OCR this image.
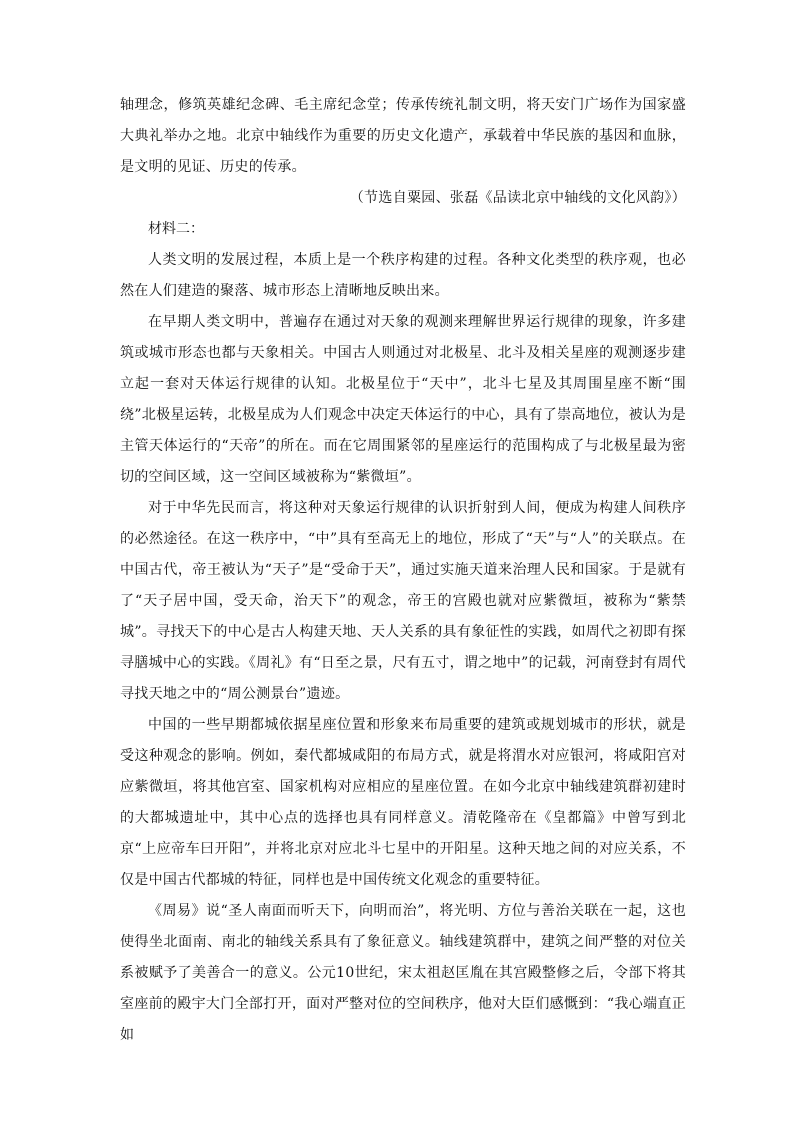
轴理念，修筑英雄纪念碑、毛主席纪念堂；传承传统礼制文明，将天安门广场作为国家盛大典礼举办之地。北京中轴线作为重要的历史文化遗产，承载着中华民族的基因和血脉，是文明的见证、历史的传承。

（节选自粟园、张磊《品读北京中轴线的文化风韵》）

材料二：

人类文明的发展过程，本质上是一个秩序构建的过程。各种文化类型的秩序观，也必然在人们建造的聚落、城市形态上清晰地反映出来。

在早期人类文明中，普遍存在通过对天象的观测来理解世界运行规律的现象，许多建筑或城市形态也都与天象相关。中国古人则通过对北极星、北斗及相关星座的观测逐步建立起一套对天体运行规律的认知。北极星位于“天中”，北斗七星及其周围星座不断“围绕”北极星运转，北极星成为人们观念中决定天体运行的中心，具有了崇高地位，被认为是主管天体运行的“天帝”的所在。而在它周围紧邻的星座运行的范围构成了与北极星最为密切的空间区域，这一空间区域被称为“紫微垣”。

对于中华先民而言，将这种对天象运行规律的认识折射到人间，便成为构建人间秩序的必然途径。在这一秩序中，“中”具有至高无上的地位，形成了“天”与“人”的关联点。在中国古代，帝王被认为“天子”是“受命于天”，通过实施天道来治理人民和国家。于是就有了“天子居中国，受天命，治天下”的观念，帝王的宫殿也就对应紫微垣，被称为“紫禁城”。寻找天下的中心是古人构建天地、天人关系的具有象征性的实践，如周代之初即有探寻膳城中心的实践。《周礼》有“日至之景，尺有五寸，谓之地中”的记载，河南登封有周代寻找天地之中的“周公测景台”遗迹。

中国的一些早期都城依据星座位置和形象来布局重要的建筑或规划城市的形状，就是受这种观念的影响。例如，秦代都城咸阳的布局方式，就是将渭水对应银河，将咸阳宫对应紫微垣，将其他宫室、国家机构对应相应的星座位置。在如今北京中轴线建筑群初建时的大都城遗址中，其中心点的选择也具有同样意义。清乾隆帝在《皇都篇》中曾写到北京“上应帝车曰开阳”，并将北京对应北斗七星中的开阳星。这种天地之间的对应关系，不仅是中国古代都城的特征，同样也是中国传统文化观念的重要特征。

《周易》说“圣人南面而听天下，向明而治”，将光明、方位与善治关联在一起，这也使得坐北面南、南北的轴线关系具有了象征意义。轴线建筑群中，建筑之间严整的对位关系被赋予了美善合一的意义。公元10世纪，宋太祖赵匡胤在其宫殿整修之后，令部下将其室座前的殿宇大门全部打开，面对严整对位的空间秩序，他对大臣们感慨到：“我心端直正如
